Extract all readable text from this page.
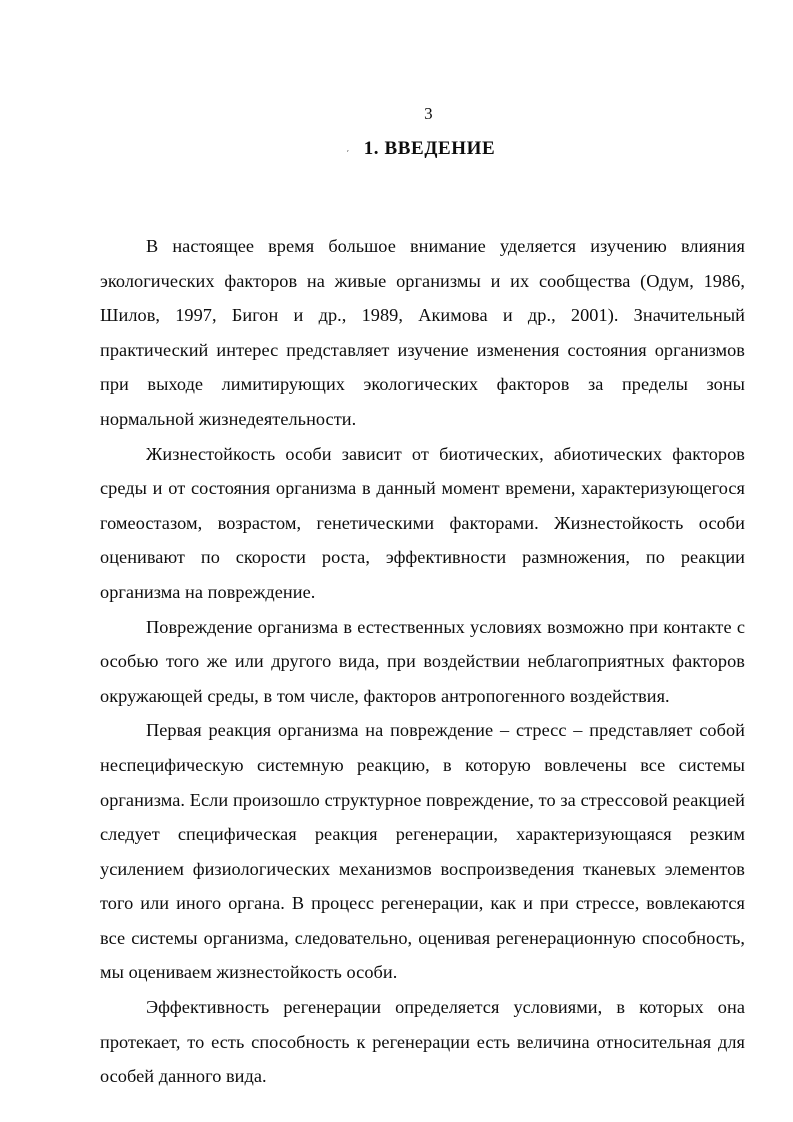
3
1. ВВЕДЕНИЕ
΄

В настоящее время большое внимание уделяется изучению влияния экологических факторов на живые организмы и их сообщества (Одум, 1986, Шилов, 1997, Бигон и др., 1989, Акимова и др., 2001). Значительный практический интерес представляет изучение изменения состояния организмов при выходе лимитирующих экологических факторов за пределы зоны нормальной жизнедеятельности.

Жизнестойкость особи зависит от биотических, абиотических факторов среды и от состояния организма в данный момент времени, характеризующегося гомеостазом, возрастом, генетическими факторами. Жизнестойкость особи оценивают по скорости роста, эффективности размножения, по реакции организма на повреждение.

Повреждение организма в естественных условиях возможно при контакте с особью того же или другого вида, при воздействии неблагоприятных факторов окружающей среды, в том числе, факторов антропогенного воздействия.

Первая реакция организма на повреждение – стресс – представляет собой неспецифическую системную реакцию, в которую вовлечены все системы организма. Если произошло структурное повреждение, то за стрессовой реакцией следует специфическая реакция регенерации, характеризующаяся резким усилением физиологических механизмов воспроизведения тканевых элементов того или иного органа. В процесс регенерации, как и при стрессе, вовлекаются все системы организма, следовательно, оценивая регенерационную способность, мы оцениваем жизнестойкость особи.

Эффективность регенерации определяется условиями, в которых она протекает, то есть способность к регенерации есть величина относительная для особей данного вида.
